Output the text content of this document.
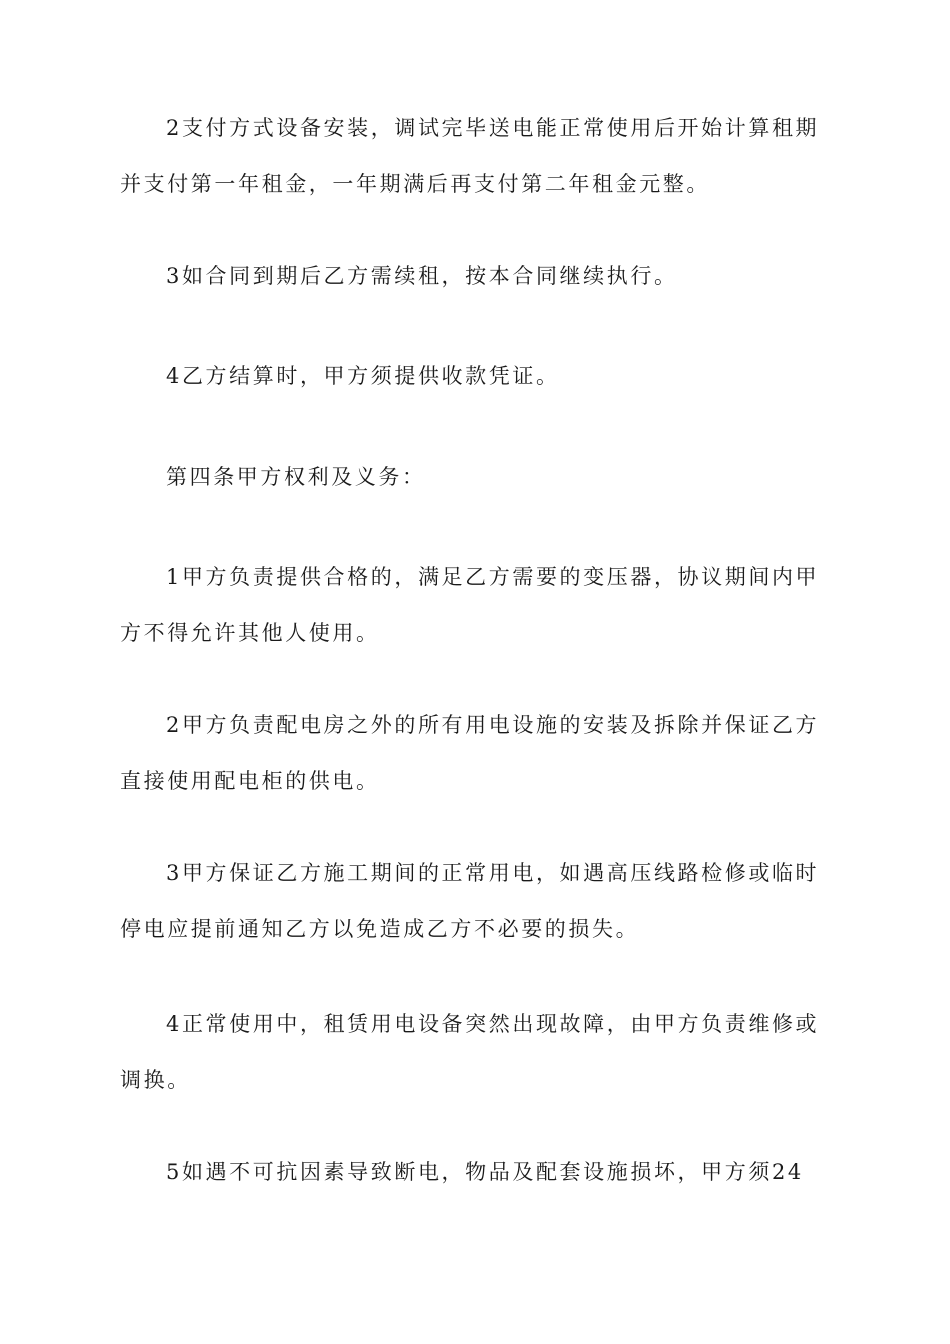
2支付方式设备安装，调试完毕送电能正常使用后开始计算租期并支付第一年租金，一年期满后再支付第二年租金元整。

3如合同到期后乙方需续租，按本合同继续执行。

4乙方结算时，甲方须提供收款凭证。

第四条甲方权利及义务：

1甲方负责提供合格的，满足乙方需要的变压器，协议期间内甲方不得允许其他人使用。

2甲方负责配电房之外的所有用电设施的安装及拆除并保证乙方直接使用配电柜的供电。

3甲方保证乙方施工期间的正常用电，如遇高压线路检修或临时停电应提前通知乙方以免造成乙方不必要的损失。

4正常使用中，租赁用电设备突然出现故障，由甲方负责维修或调换。

5如遇不可抗因素导致断电，物品及配套设施损坏，甲方须24
